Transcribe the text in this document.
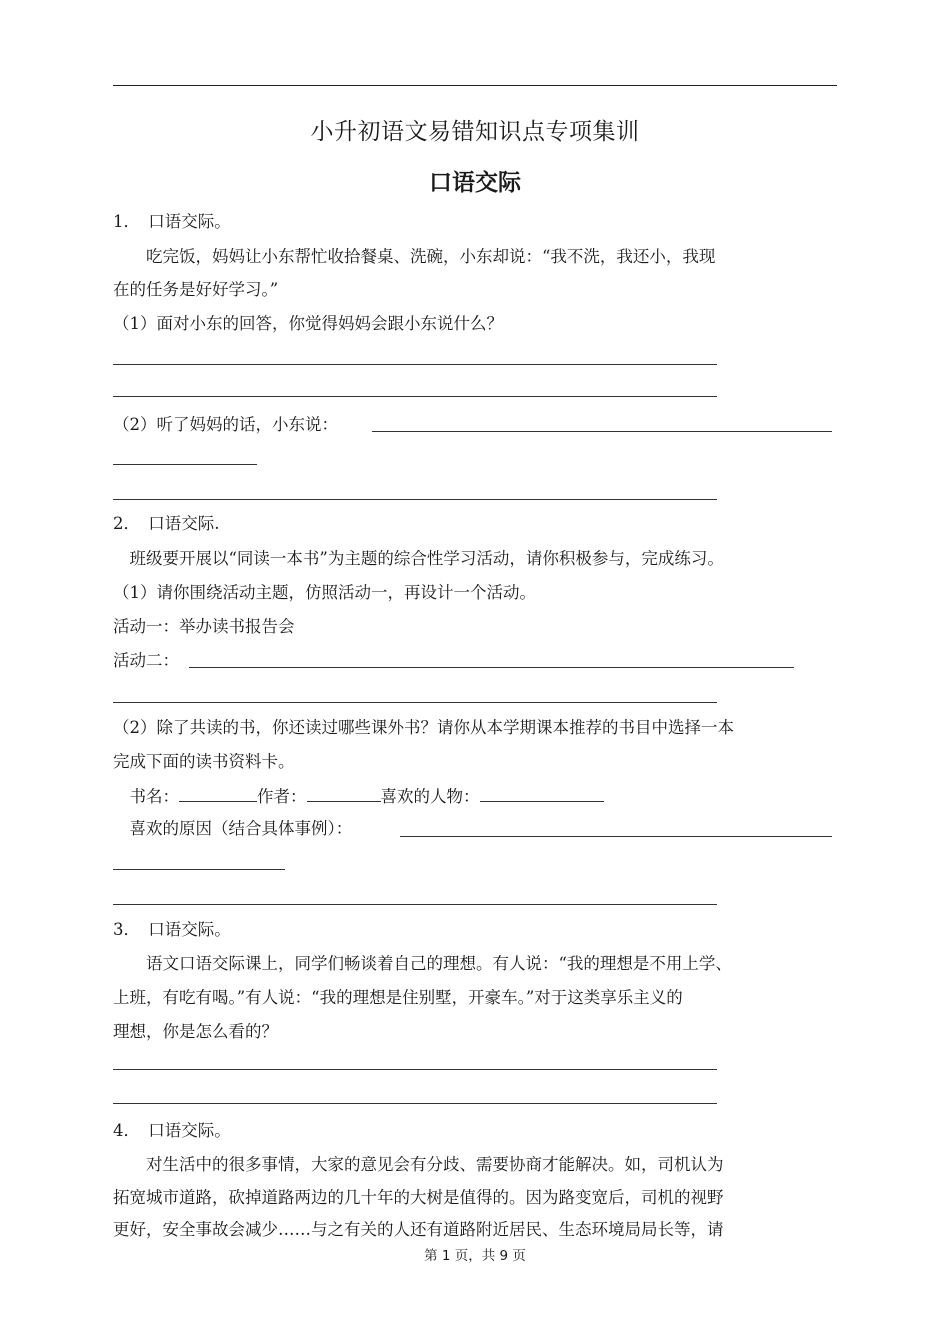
小升初语文易错知识点专项集训
口语交际
1．　口语交际。
　　吃完饭，妈妈让小东帮忙收拾餐桌、洗碗，小东却说：“我不洗，我还小，我现
在的任务是好好学习。”
（1）面对小东的回答，你觉得妈妈会跟小东说什么？
（2）听了妈妈的话，小东说：
2．　口语交际.
　班级要开展以“同读一本书”为主题的综合性学习活动，请你积极参与，完成练习。
（1）请你围绕活动主题，仿照活动一，再设计一个活动。
活动一：举办读书报告会
活动二：
（2）除了共读的书，你还读过哪些课外书？请你从本学期课本推荐的书目中选择一本
完成下面的读书资料卡。
　书名：	作者：	喜欢的人物：
　喜欢的原因（结合具体事例）：
3．　口语交际。
　　语文口语交际课上，同学们畅谈着自己的理想。有人说：“我的理想是不用上学、
上班，有吃有喝。”有人说：“我的理想是住别墅，开豪车。”对于这类享乐主义的
理想，你是怎么看的？
4．　口语交际。
　　对生活中的很多事情，大家的意见会有分歧、需要协商才能解决。如，司机认为
拓宽城市道路，砍掉道路两边的几十年的大树是值得的。因为路变宽后，司机的视野
更好，安全事故会减少……与之有关的人还有道路附近居民、生态环境局局长等，请
第 1 页，共 9 页
